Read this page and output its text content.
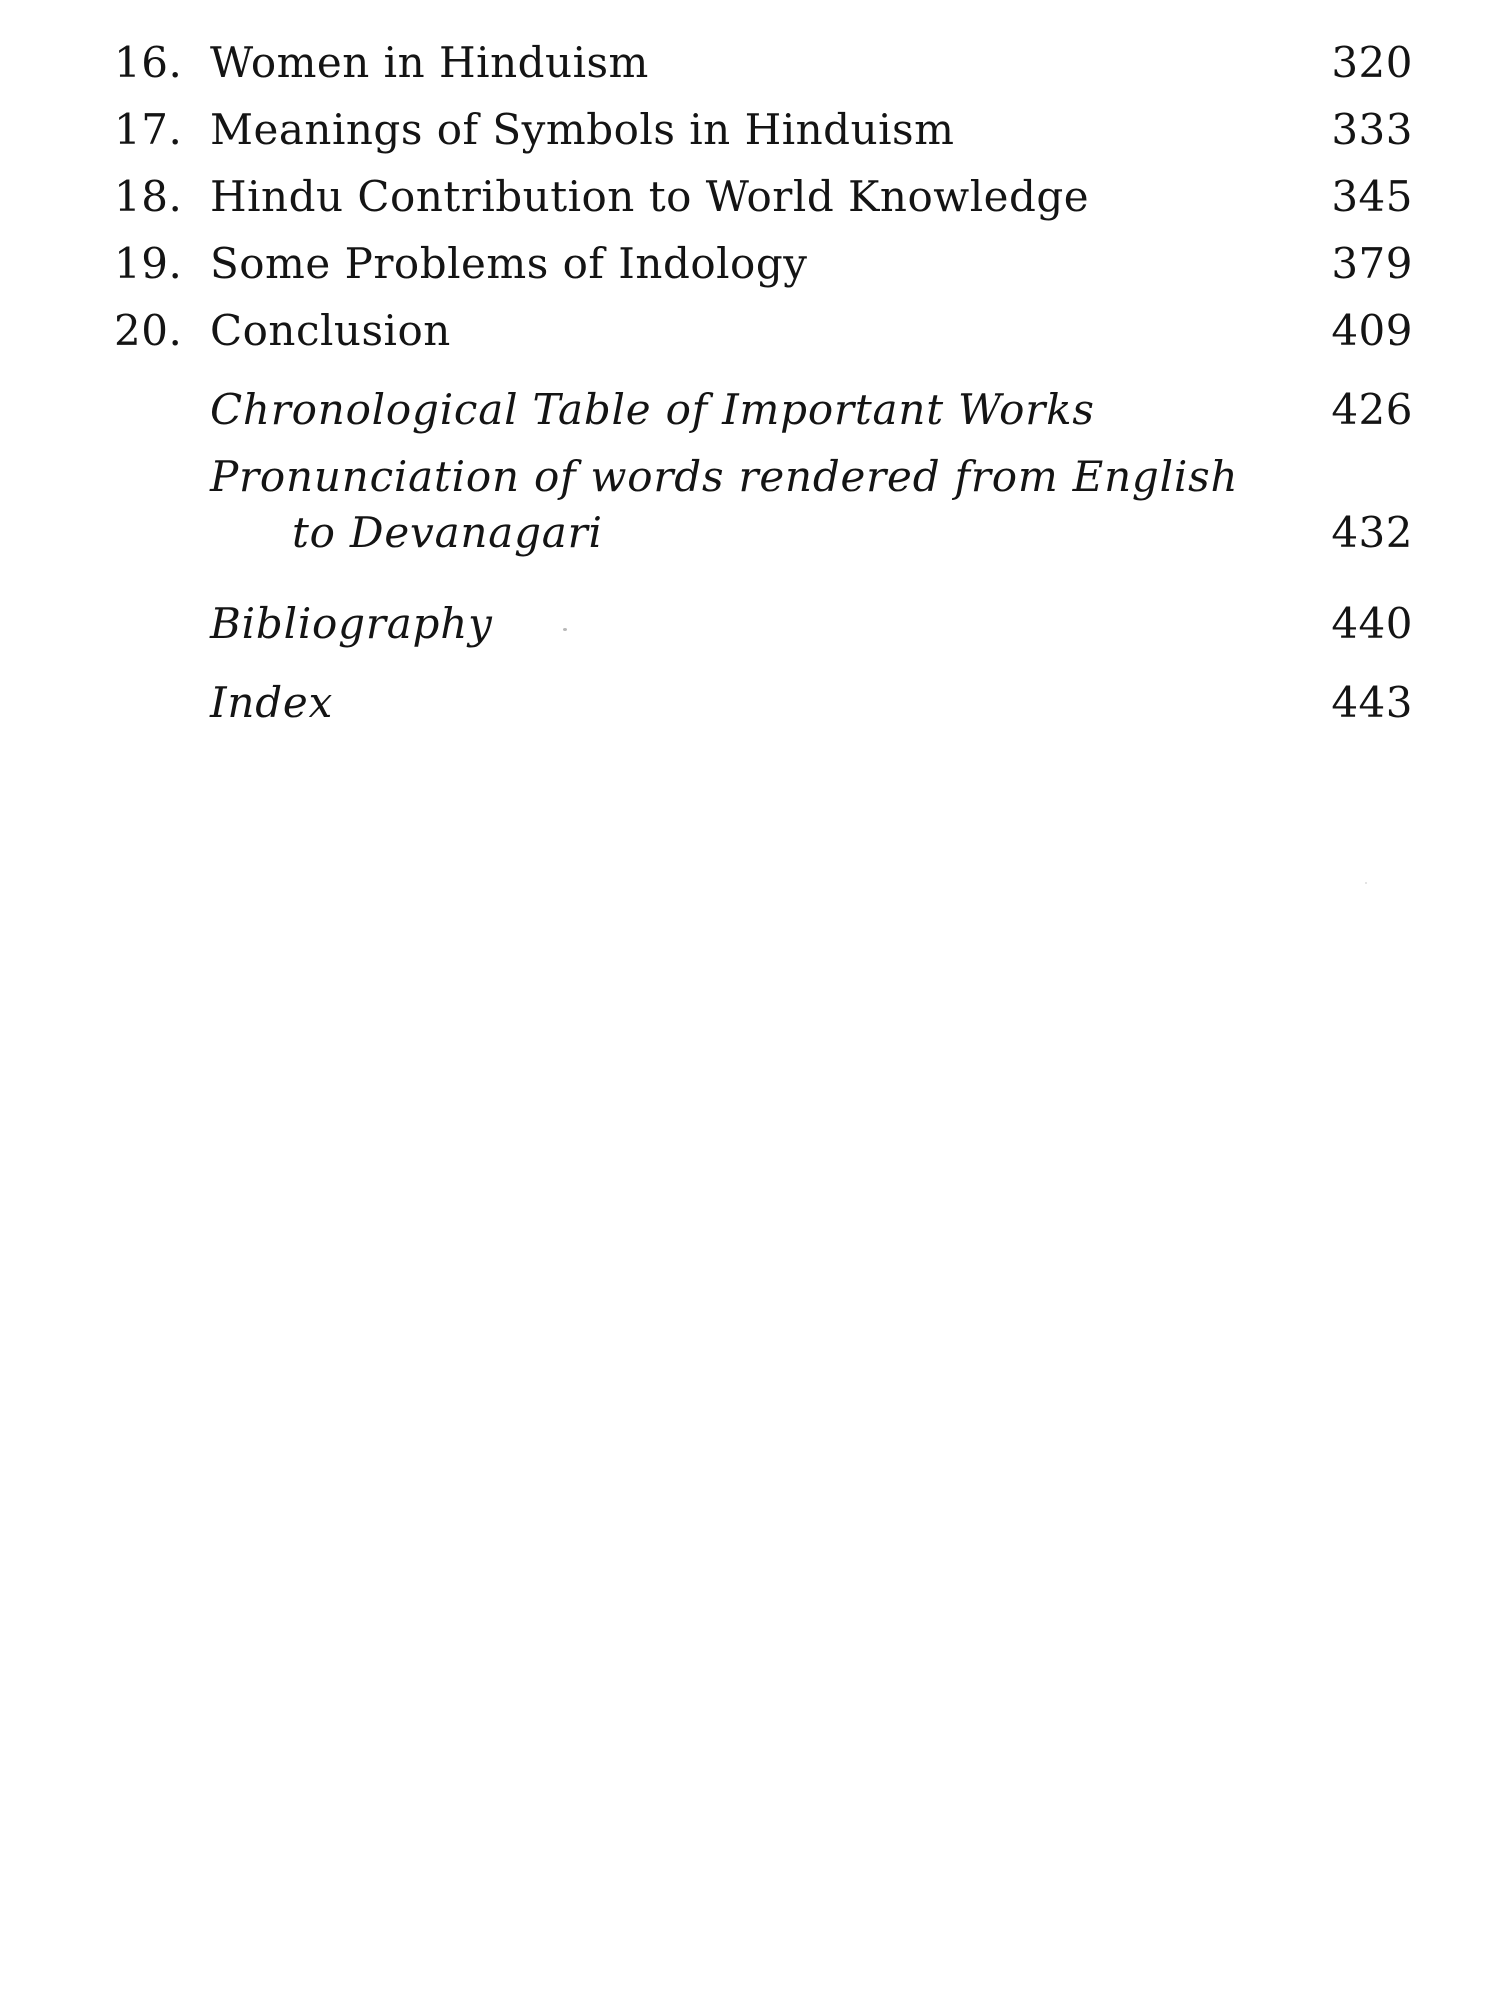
16. Women in Hinduism	320
17. Meanings of Symbols in Hinduism	333
18. Hindu Contribution to World Knowledge	345
19. Some Problems of Indology	379
20. Conclusion	409
Chronological Table of Important Works	426
Pronunciation of words rendered from English
to Devanagari	432
Bibliography	440
Index	443
